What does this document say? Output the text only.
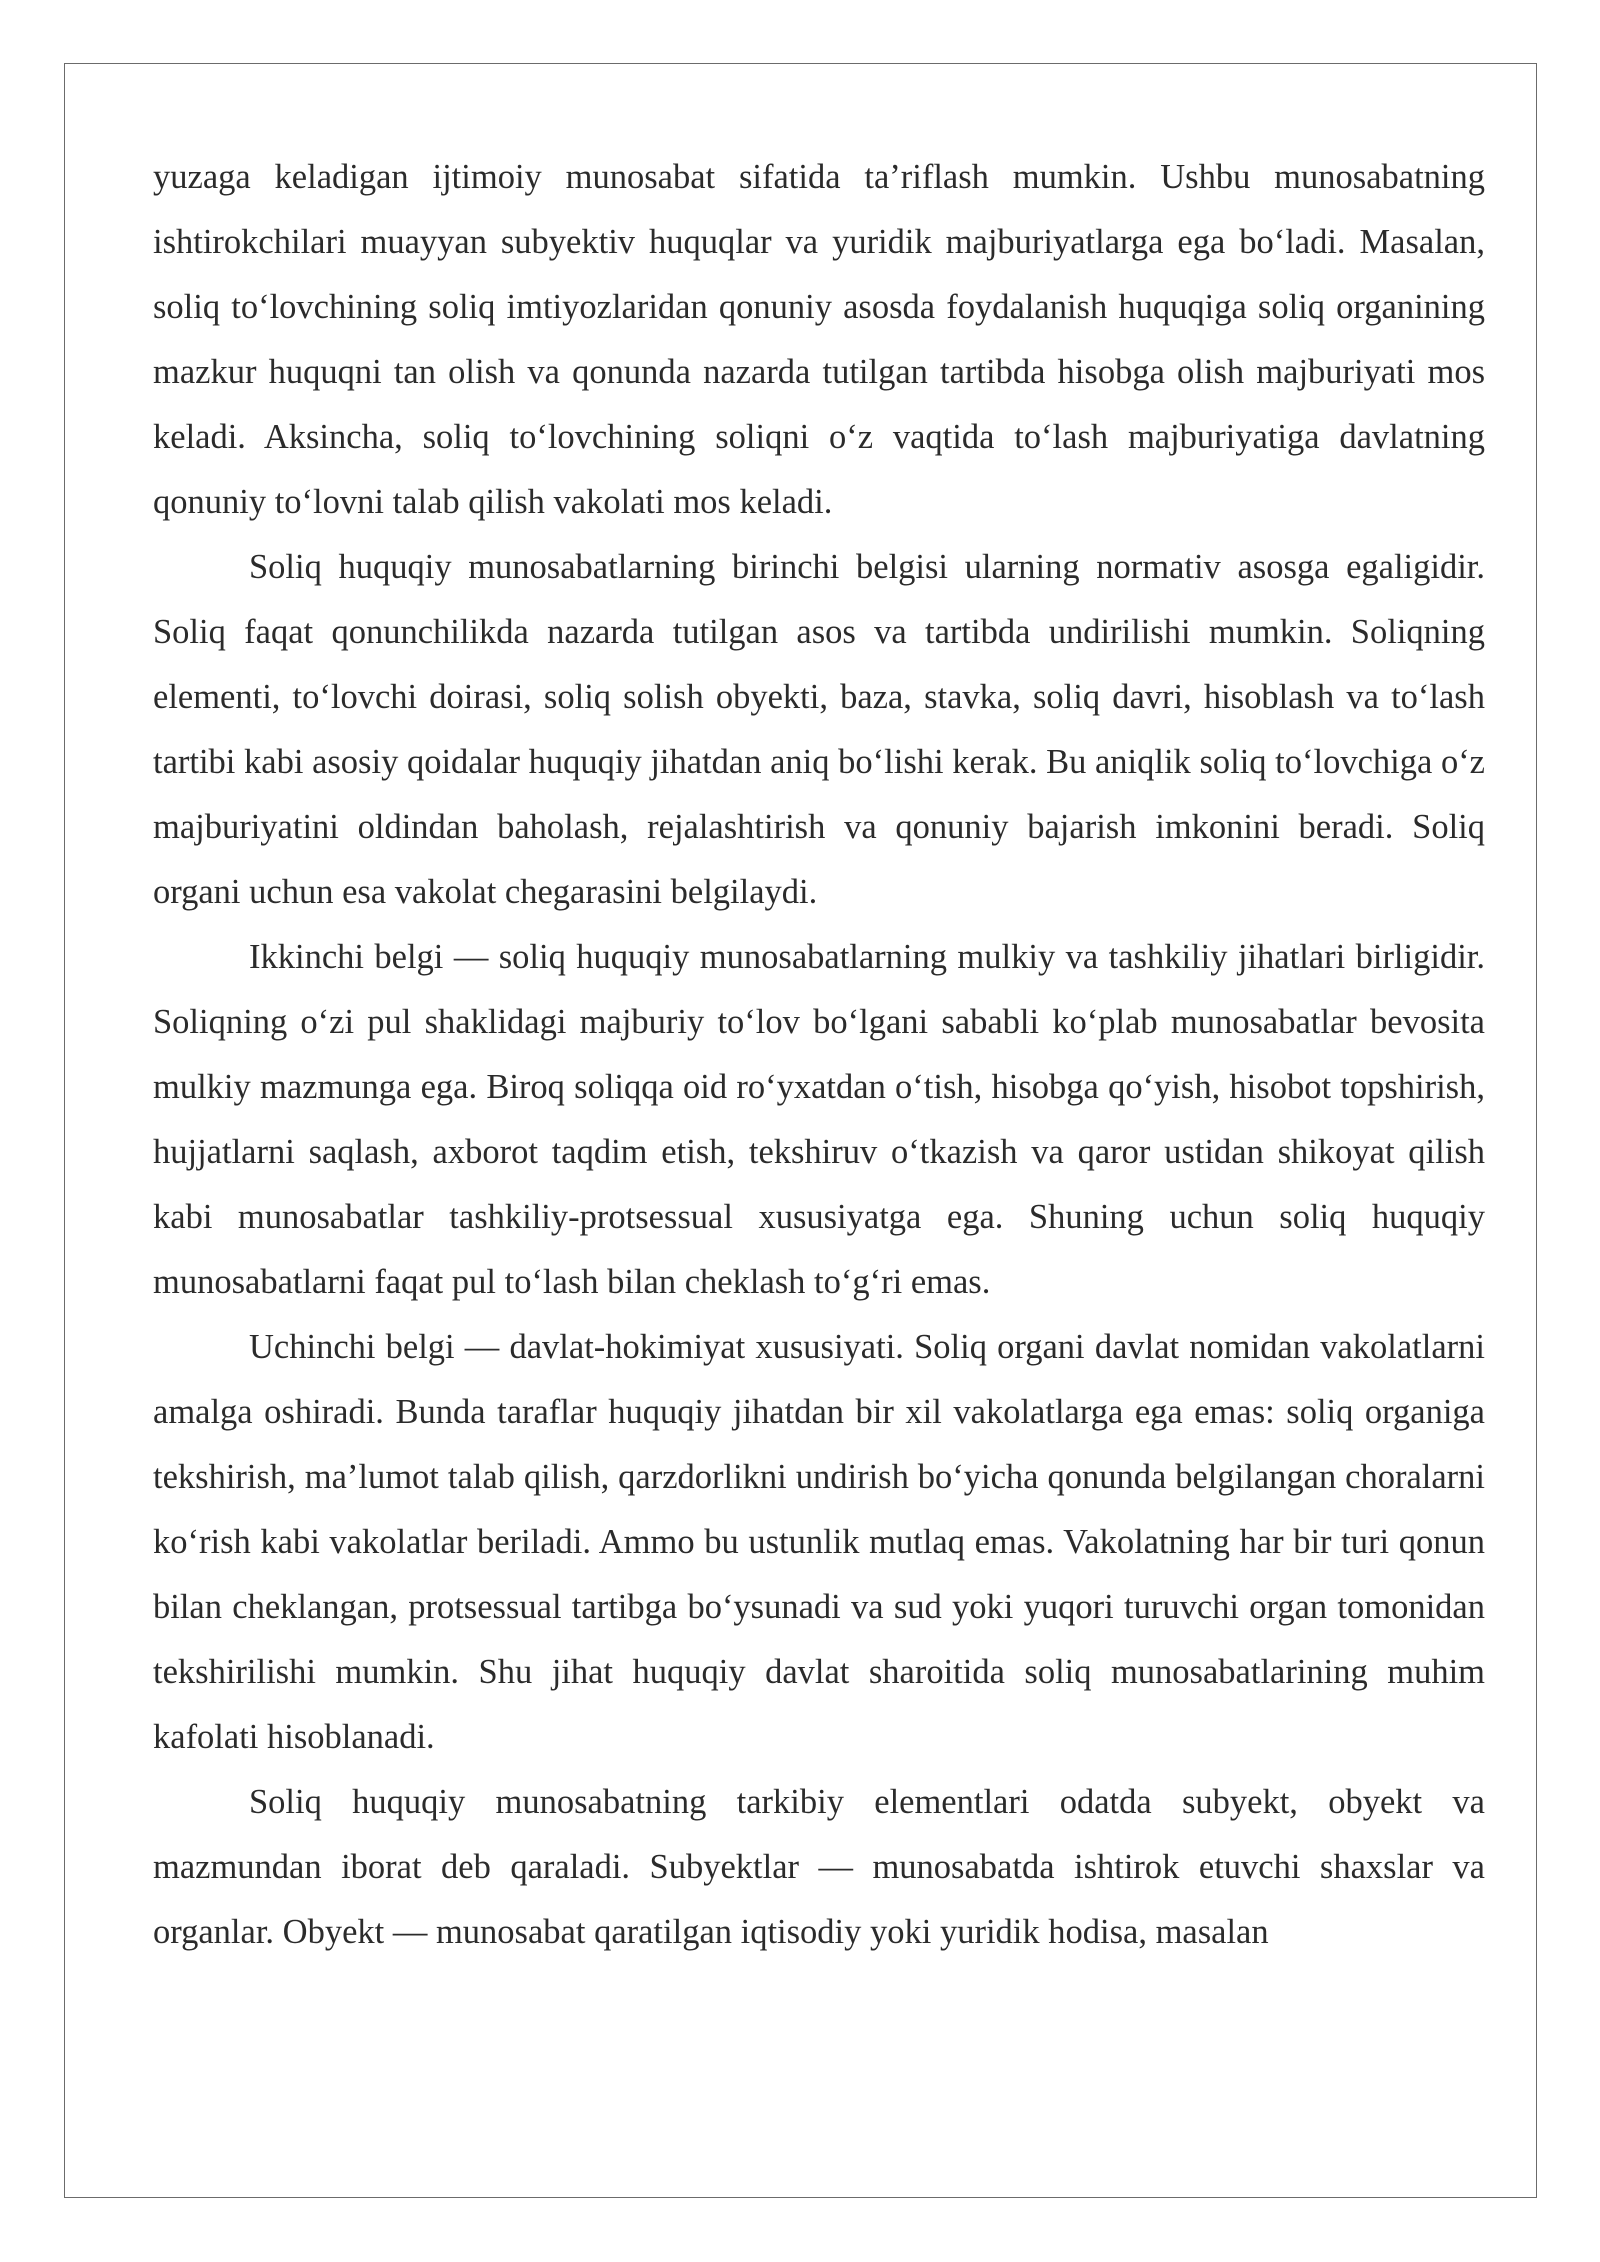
yuzaga keladigan ijtimoiy munosabat sifatida ta’riflash mumkin. Ushbu munosabatning ishtirokchilari muayyan subyektiv huquqlar va yuridik majburiyatlarga ega bo‘ladi. Masalan, soliq to‘lovchining soliq imtiyozlaridan qonuniy asosda foydalanish huquqiga soliq organining mazkur huquqni tan olish va qonunda nazarda tutilgan tartibda hisobga olish majburiyati mos keladi. Aksincha, soliq to‘lovchining soliqni o‘z vaqtida to‘lash majburiyatiga davlatning qonuniy to‘lovni talab qilish vakolati mos keladi.

Soliq huquqiy munosabatlarning birinchi belgisi ularning normativ asosga egaligidir. Soliq faqat qonunchilikda nazarda tutilgan asos va tartibda undirilishi mumkin. Soliqning elementi, to‘lovchi doirasi, soliq solish obyekti, baza, stavka, soliq davri, hisoblash va to‘lash tartibi kabi asosiy qoidalar huquqiy jihatdan aniq bo‘lishi kerak. Bu aniqlik soliq to‘lovchiga o‘z majburiyatini oldindan baholash, rejalashtirish va qonuniy bajarish imkonini beradi. Soliq organi uchun esa vakolat chegarasini belgilaydi.

Ikkinchi belgi — soliq huquqiy munosabatlarning mulkiy va tashkiliy jihatlari birligidir. Soliqning o‘zi pul shaklidagi majburiy to‘lov bo‘lgani sababli ko‘plab munosabatlar bevosita mulkiy mazmunga ega. Biroq soliqqa oid ro‘yxatdan o‘tish, hisobga qo‘yish, hisobot topshirish, hujjatlarni saqlash, axborot taqdim etish, tekshiruv o‘tkazish va qaror ustidan shikoyat qilish kabi munosabatlar tashkiliy-protsessual xususiyatga ega. Shuning uchun soliq huquqiy munosabatlarni faqat pul to‘lash bilan cheklash to‘g‘ri emas.

Uchinchi belgi — davlat-hokimiyat xususiyati. Soliq organi davlat nomidan vakolatlarni amalga oshiradi. Bunda taraflar huquqiy jihatdan bir xil vakolatlarga ega emas: soliq organiga tekshirish, ma’lumot talab qilish, qarzdorlikni undirish bo‘yicha qonunda belgilangan choralarni ko‘rish kabi vakolatlar beriladi. Ammo bu ustunlik mutlaq emas. Vakolatning har bir turi qonun bilan cheklangan, protsessual tartibga bo‘ysunadi va sud yoki yuqori turuvchi organ tomonidan tekshirilishi mumkin. Shu jihat huquqiy davlat sharoitida soliq munosabatlarining muhim kafolati hisoblanadi.

Soliq huquqiy munosabatning tarkibiy elementlari odatda subyekt, obyekt va mazmundan iborat deb qaraladi. Subyektlar — munosabatda ishtirok etuvchi shaxslar va organlar. Obyekt — munosabat qaratilgan iqtisodiy yoki yuridik hodisa, masalan
